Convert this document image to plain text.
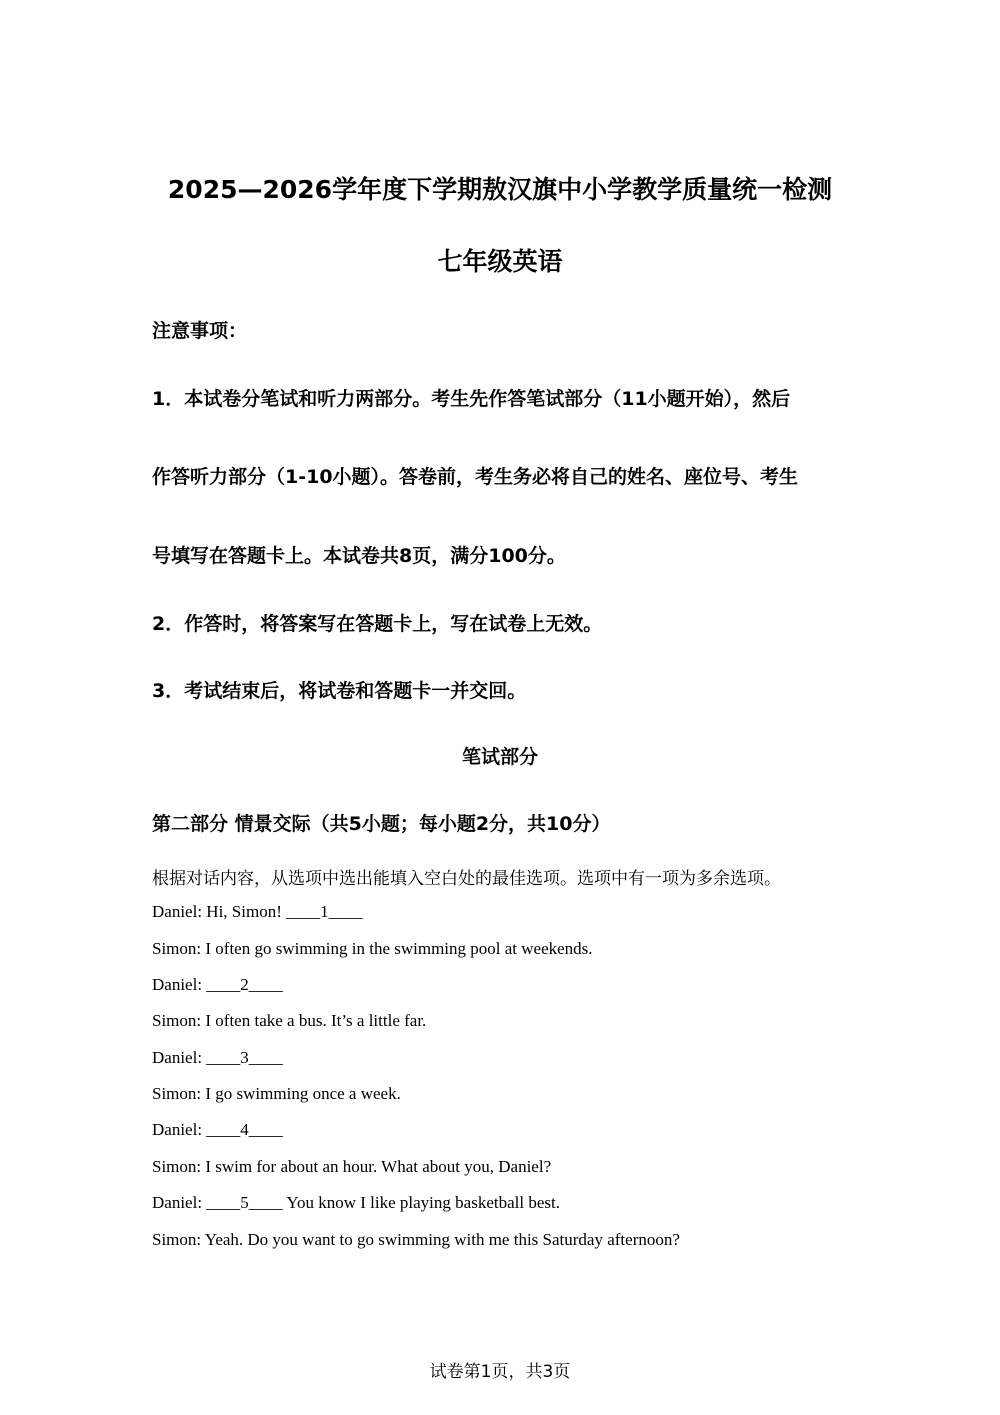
2025—2026学年度下学期敖汉旗中小学教学质量统一检测
七年级英语
注意事项：
1．本试卷分笔试和听力两部分。考生先作答笔试部分（11小题开始），然后
作答听力部分（1-10小题）。答卷前，考生务必将自己的姓名、座位号、考生
号填写在答题卡上。本试卷共8页，满分100分。
2．作答时，将答案写在答题卡上，写在试卷上无效。
3．考试结束后，将试卷和答题卡一并交回。
笔试部分
第二部分 情景交际（共5小题；每小题2分，共10分）
根据对话内容，从选项中选出能填入空白处的最佳选项。选项中有一项为多余选项。
Daniel: Hi, Simon! ____1____
Simon: I often go swimming in the swimming pool at weekends.
Daniel: ____2____
Simon: I often take a bus. It’s a little far.
Daniel: ____3____
Simon: I go swimming once a week.
Daniel: ____4____
Simon: I swim for about an hour. What about you, Daniel?
Daniel: ____5____ You know I like playing basketball best.
Simon: Yeah. Do you want to go swimming with me this Saturday afternoon?
试卷第1页，共3页
